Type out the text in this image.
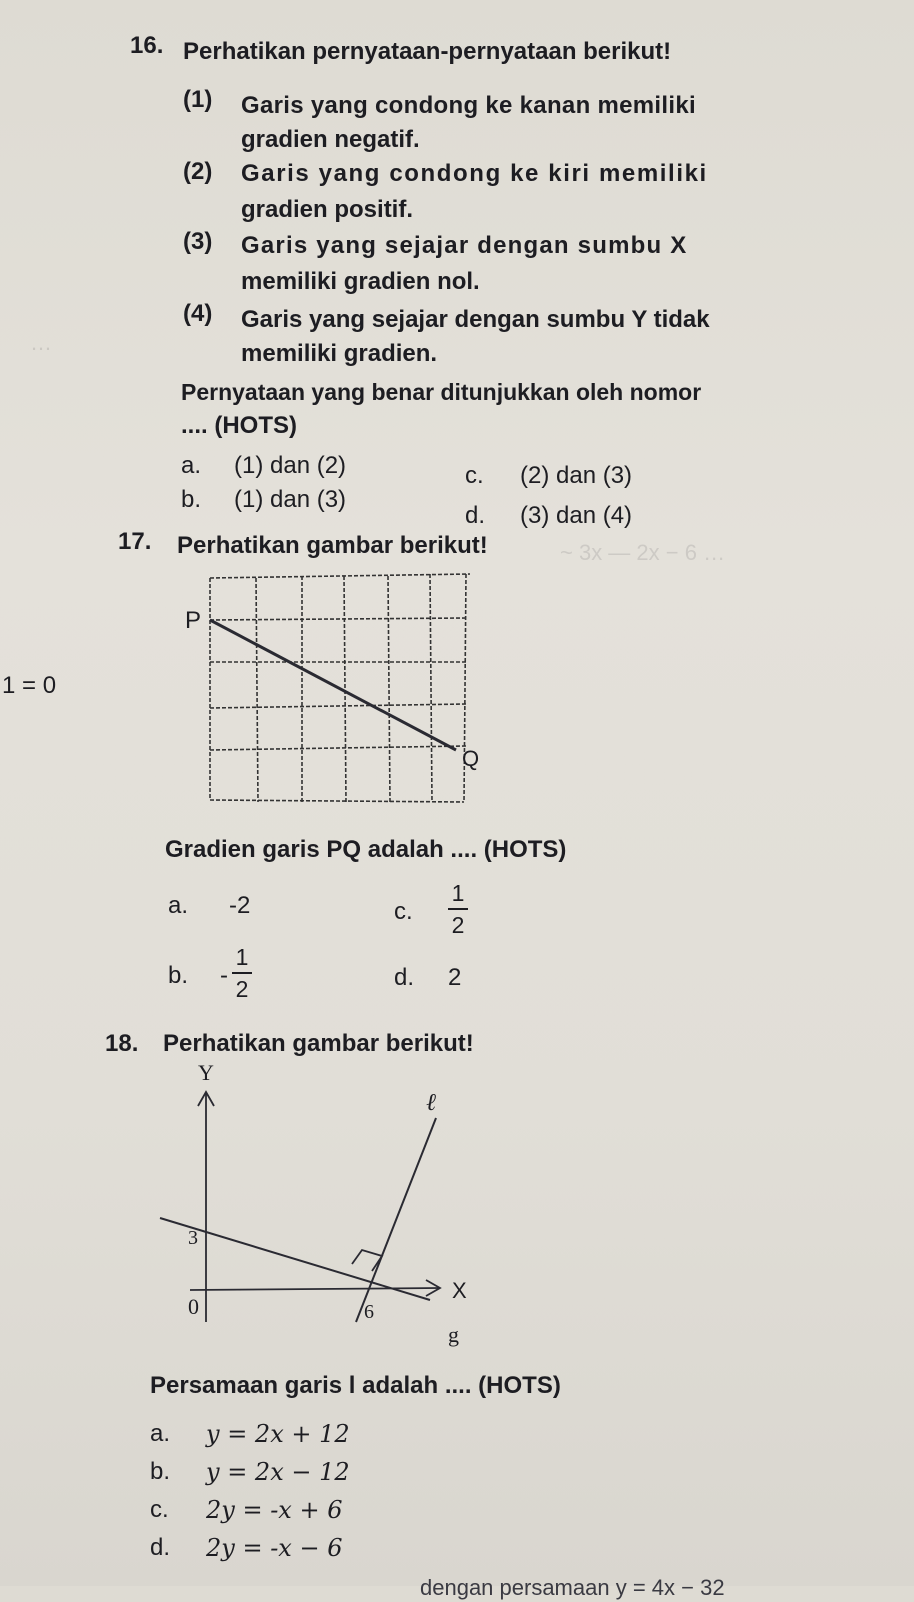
~ 3x — 2x − 6 …
…
16. Perhatikan pernyataan-pernyataan berikut!
(1) Garis yang condong ke kanan memiliki
gradien negatif.
(2) Garis yang condong ke kiri memiliki
gradien positif.
(3) Garis yang sejajar dengan sumbu X
memiliki gradien nol.
(4) Garis yang sejajar dengan sumbu Y tidak
memiliki gradien.
Pernyataan yang benar ditunjukkan oleh nomor
.... (HOTS)
a. (1) dan (2)	c. (2) dan (3)
b. (1) dan (3)
d. (3) dan (4)
17. Perhatikan gambar berikut!
1 = 0
P
Q
Gradien garis PQ adalah .... (HOTS)
a. -2	c.
1
2
b. -
1
2	d. 2
18. Perhatikan gambar berikut!
Y
X
0
3
6
ℓ
g
Persamaan garis l adalah .... (HOTS)
a. y = 2x + 12
b. y = 2x − 12
c. 2y = -x + 6
d. 2y = -x − 6
dengan persamaan y = 4x − 32
